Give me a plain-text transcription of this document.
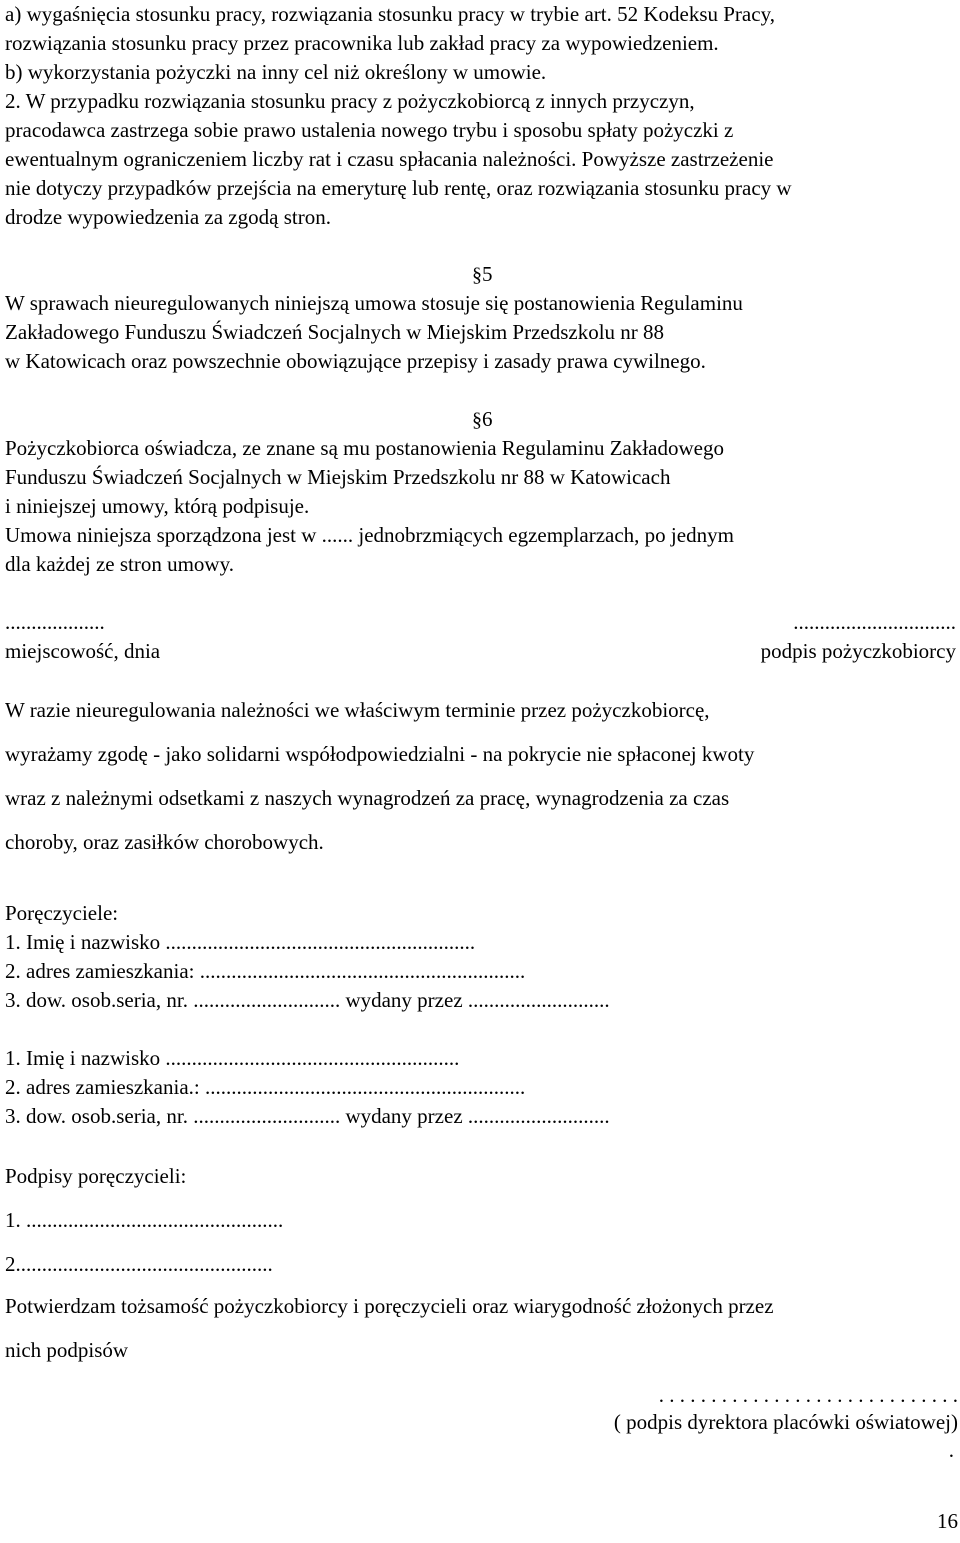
a) wygaśnięcia stosunku pracy, rozwiązania stosunku pracy w trybie art. 52 Kodeksu Pracy,
rozwiązania stosunku pracy przez pracownika lub zakład pracy za wypowiedzeniem.
b) wykorzystania pożyczki na inny cel niż określony w umowie.
2. W przypadku rozwiązania stosunku pracy z pożyczkobiorcą z innych przyczyn,
pracodawca zastrzega sobie prawo ustalenia nowego trybu i sposobu spłaty pożyczki z
ewentualnym ograniczeniem liczby rat i czasu spłacania należności. Powyższe zastrzeżenie
nie dotyczy przypadków przejścia na emeryturę lub rentę, oraz rozwiązania stosunku pracy w
drodze wypowiedzenia za zgodą stron.
§5
W sprawach nieuregulowanych niniejszą umowa stosuje się postanowienia Regulaminu
Zakładowego Funduszu Świadczeń Socjalnych w Miejskim Przedszkolu nr 88
w Katowicach oraz powszechnie obowiązujące przepisy i zasady prawa cywilnego.
§6
Pożyczkobiorca oświadcza, ze znane są mu postanowienia Regulaminu Zakładowego
Funduszu Świadczeń Socjalnych w Miejskim Przedszkolu nr 88 w Katowicach
i niniejszej umowy, którą podpisuje.
Umowa niniejsza sporządzona jest w ...... jednobrzmiących egzemplarzach, po jednym
dla każdej ze stron umowy.
...................
miejscowość, dnia
...............................
podpis pożyczkobiorcy
W razie nieuregulowania należności we właściwym terminie przez pożyczkobiorcę,
wyrażamy zgodę - jako solidarni współodpowiedzialni - na pokrycie nie spłaconej kwoty
wraz z należnymi odsetkami z naszych wynagrodzeń za pracę, wynagrodzenia za czas
choroby, oraz zasiłków chorobowych.
Poręczyciele:
1. Imię i nazwisko ...........................................................
2. adres zamieszkania: ..............................................................
3. dow. osob.seria, nr. ............................ wydany przez ...........................
1. Imię i nazwisko ........................................................
2. adres zamieszkania.: .............................................................
3. dow. osob.seria, nr. ............................ wydany przez ...........................
Podpisy poręczycieli:
1. .................................................
2.................................................
Potwierdzam tożsamość pożyczkobiorcy i poręczycieli oraz wiarygodność złożonych przez
nich podpisów
. . . . . . . . . . . . . . . . . . . . . . . . . . . . .
( podpis dyrektora placówki oświatowej)
.
16
